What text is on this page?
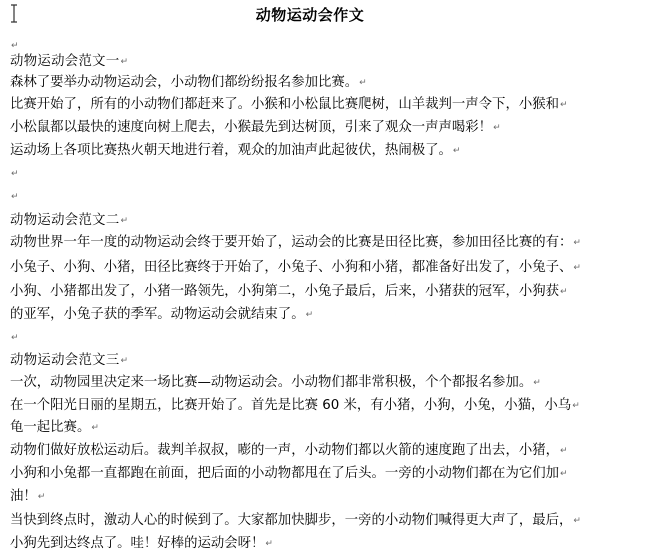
动物运动会作文
↵
动物运动会范文一↵
森林了要举办动物运动会，小动物们都纷纷报名参加比赛。↵
比赛开始了，所有的小动物们都赶来了。小猴和小松鼠比赛爬树，山羊裁判一声令下，小猴和↵
小松鼠都以最快的速度向树上爬去，小猴最先到达树顶，引来了观众一声声喝彩！↵
运动场上各项比赛热火朝天地进行着，观众的加油声此起彼伏，热闹极了。↵
↵
↵
动物运动会范文二↵
动物世界一年一度的动物运动会终于要开始了，运动会的比赛是田径比赛，参加田径比赛的有：↵
小兔子、小狗、小猪，田径比赛终于开始了，小兔子、小狗和小猪，都准备好出发了，小兔子、↵
小狗、小猪都出发了，小猪一路领先，小狗第二，小兔子最后，后来，小猪获的冠军，小狗获↵
的亚军，小兔子获的季军。动物运动会就结束了。↵
↵
动物运动会范文三↵
一次，动物园里决定来一场比赛—动物运动会。小动物们都非常积极，个个都报名参加。↵
在一个阳光日丽的星期五，比赛开始了。首先是比赛 60 米，有小猪，小狗，小兔，小猫，小乌↵
龟一起比赛。↵
动物们做好放松运动后。裁判羊叔叔，嘭的一声，小动物们都以火箭的速度跑了出去，小猪，↵
小狗和小兔都一直都跑在前面，把后面的小动物都甩在了后头。一旁的小动物们都在为它们加↵
油！↵
当快到终点时，激动人心的时候到了。大家都加快脚步，一旁的小动物们喊得更大声了，最后，↵
小狗先到达终点了。哇！好棒的运动会呀！↵
